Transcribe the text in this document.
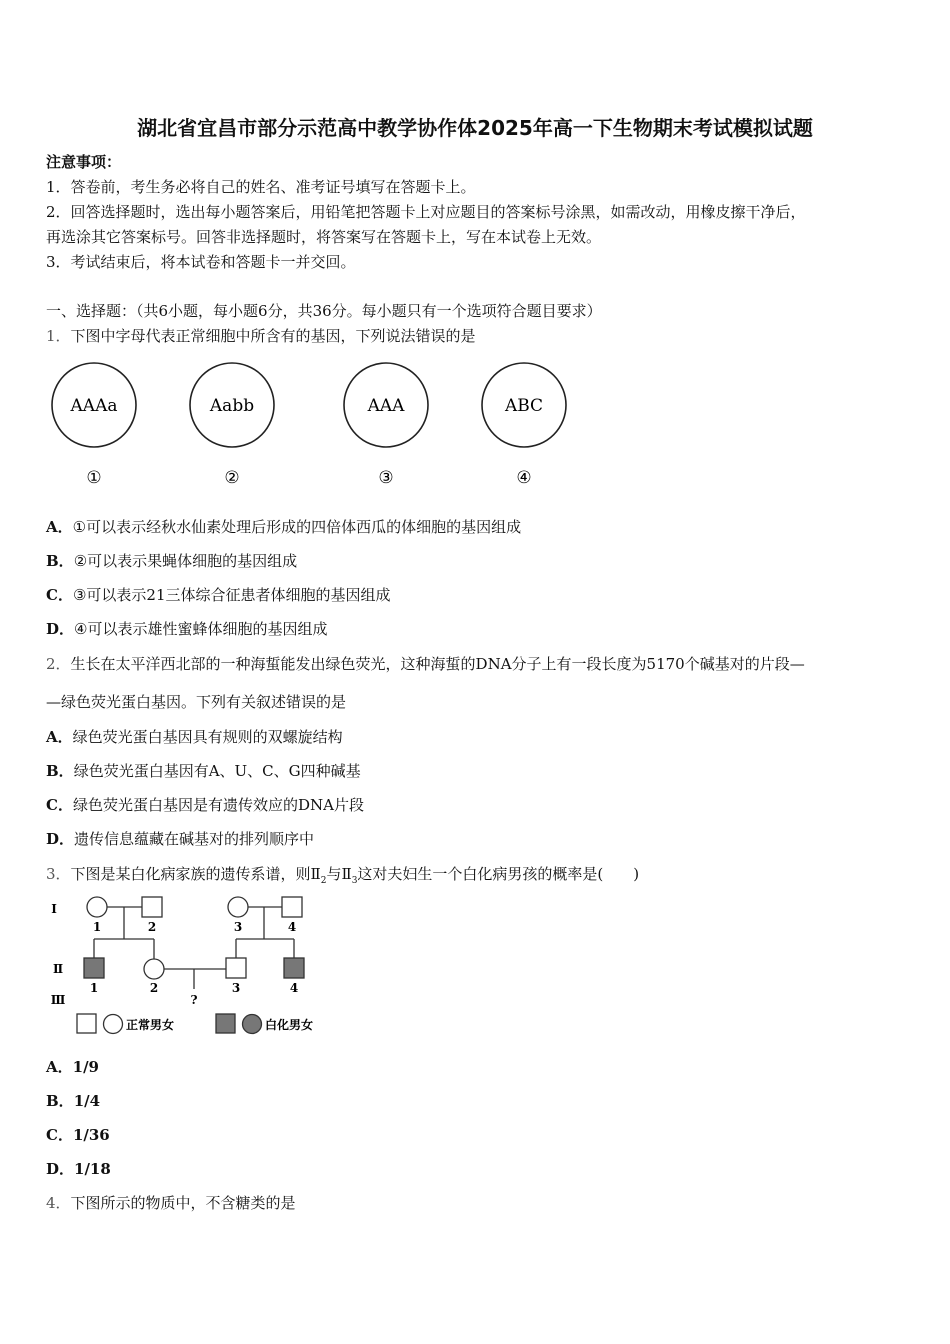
湖北省宜昌市部分示范高中教学协作体2025年高一下生物期末考试模拟试题
注意事项：
1．答卷前，考生务必将自己的姓名、准考证号填写在答题卡上。
2．回答选择题时，选出每小题答案后，用铅笔把答题卡上对应题目的答案标号涂黑，如需改动，用橡皮擦干净后，
再选涂其它答案标号。回答非选择题时，将答案写在答题卡上，写在本试卷上无效。
3．考试结束后，将本试卷和答题卡一并交回。
一、选择题：（共6小题，每小题6分，共36分。每小题只有一个选项符合题目要求）
1．下图中字母代表正常细胞中所含有的基因，下列说法错误的是
AAAa
①
Aabb
②
AAA
③
ABC
④
A．①可以表示经秋水仙素处理后形成的四倍体西瓜的体细胞的基因组成
B．②可以表示果蝇体细胞的基因组成
C．③可以表示21三体综合征患者体细胞的基因组成
D．④可以表示雄性蜜蜂体细胞的基因组成
2．生长在太平洋西北部的一种海蜇能发出绿色荧光，这种海蜇的DNA分子上有一段长度为5170个碱基对的片段—
—绿色荧光蛋白基因。下列有关叙述错误的是
A．绿色荧光蛋白基因具有规则的双螺旋结构
B．绿色荧光蛋白基因有A、U、C、G四种碱基
C．绿色荧光蛋白基因是有遗传效应的DNA片段
D．遗传信息蕴藏在碱基对的排列顺序中
3．下图是某白化病家族的遗传系谱，则$Ⅱ_2$与$Ⅱ_3$这对夫妇生一个白化病男孩的概率是(　　)
Ⅰ
Ⅱ
Ⅲ
1	2	3	4
1	2	3	4
?
正常男女	白化男女
A．1/9
B．1/4
C．1/36
D．1/18
4．下图所示的物质中，不含糖类的是
